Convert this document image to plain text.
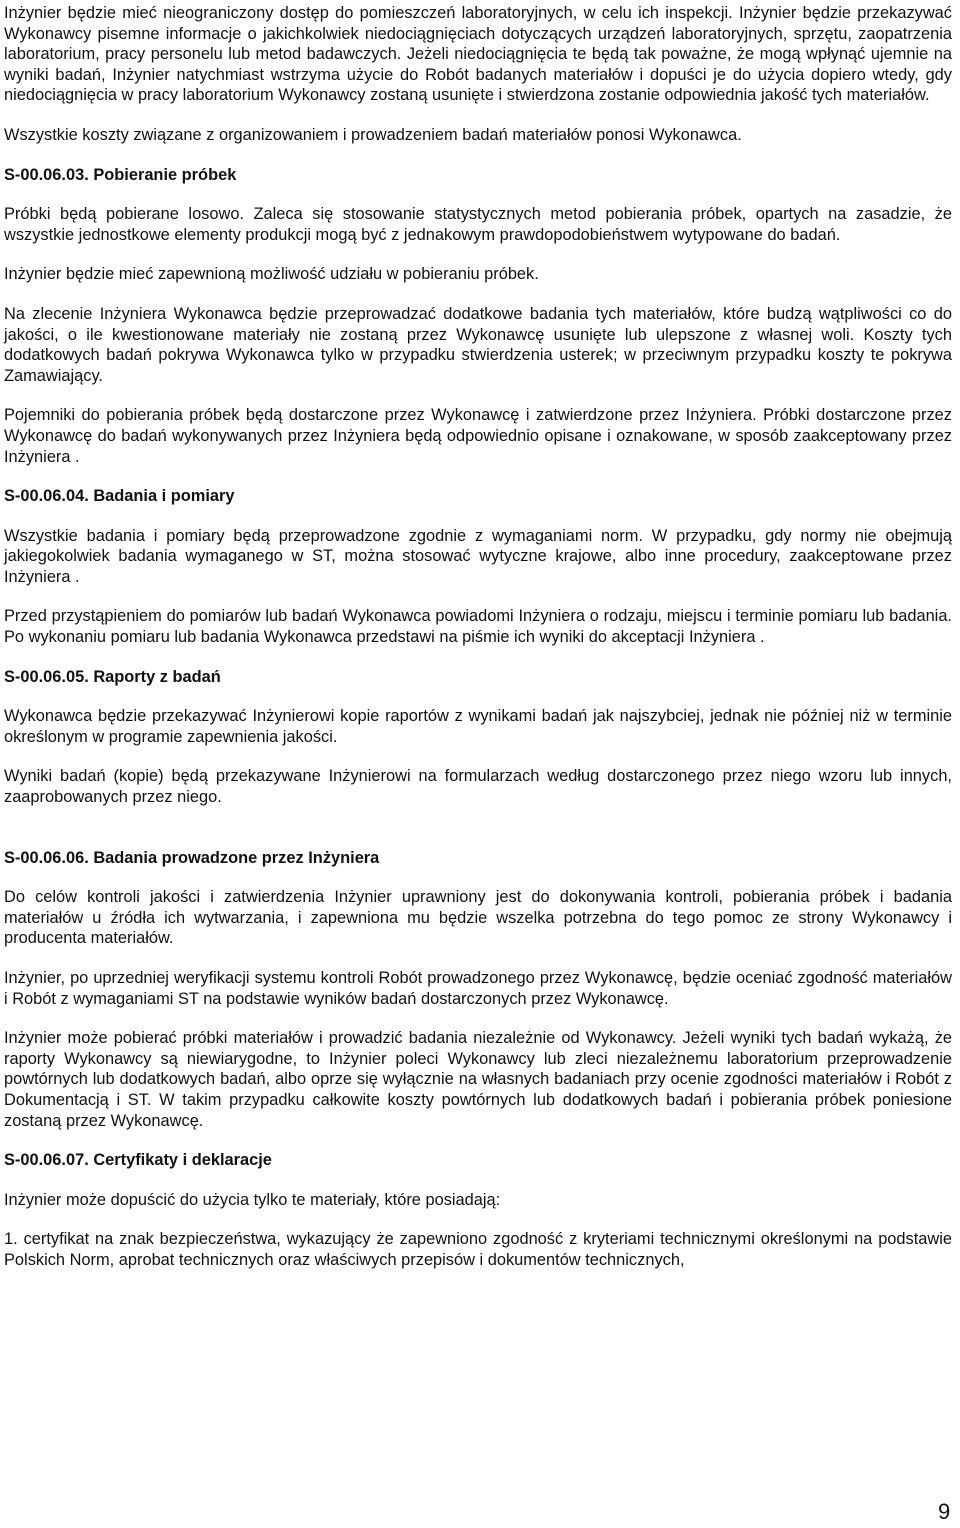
Inżynier będzie mieć nieograniczony dostęp do pomieszczeń laboratoryjnych, w celu ich inspekcji. Inżynier będzie przekazywać Wykonawcy pisemne informacje o jakichkolwiek niedociągnięciach dotyczących urządzeń laboratoryjnych, sprzętu, zaopatrzenia laboratorium, pracy personelu lub metod badawczych. Jeżeli niedociągnięcia te będą tak poważne, że mogą wpłynąć ujemnie na wyniki badań, Inżynier natychmiast wstrzyma użycie do Robót badanych materiałów i dopuści je do użycia dopiero wtedy, gdy niedociągnięcia w pracy laboratorium Wykonawcy zostaną usunięte i stwierdzona zostanie odpowiednia jakość tych materiałów.

Wszystkie koszty związane z organizowaniem i prowadzeniem badań materiałów ponosi Wykonawca.

S-00.06.03. Pobieranie próbek

Próbki będą pobierane losowo. Zaleca się stosowanie statystycznych metod pobierania próbek, opartych na zasadzie, że wszystkie jednostkowe elementy produkcji mogą być z jednakowym prawdopodobieństwem wytypowane do badań.

Inżynier będzie mieć zapewnioną możliwość udziału w pobieraniu próbek.

Na zlecenie Inżyniera Wykonawca będzie przeprowadzać dodatkowe badania tych materiałów, które budzą wątpliwości co do jakości, o ile kwestionowane materiały nie zostaną przez Wykonawcę usunięte lub ulepszone z własnej woli. Koszty tych dodatkowych badań pokrywa Wykonawca tylko w przypadku stwierdzenia usterek; w przeciwnym przypadku koszty te pokrywa Zamawiający.

Pojemniki do pobierania próbek będą dostarczone przez Wykonawcę i zatwierdzone przez Inżyniera. Próbki dostarczone przez Wykonawcę do badań wykonywanych przez Inżyniera będą odpowiednio opisane i oznakowane, w sposób zaakceptowany przez Inżyniera .

S-00.06.04. Badania i pomiary

Wszystkie badania i pomiary będą przeprowadzone zgodnie z wymaganiami norm. W przypadku, gdy normy nie obejmują jakiegokolwiek badania wymaganego w ST, można stosować wytyczne krajowe, albo inne procedury, zaakceptowane przez Inżyniera .

Przed przystąpieniem do pomiarów lub badań Wykonawca powiadomi Inżyniera o rodzaju, miejscu i terminie pomiaru lub badania. Po wykonaniu pomiaru lub badania Wykonawca przedstawi na piśmie ich wyniki do akceptacji Inżyniera .

S-00.06.05. Raporty z badań

Wykonawca będzie przekazywać Inżynierowi kopie raportów z wynikami badań jak najszybciej, jednak nie później niż w terminie określonym w programie zapewnienia jakości.

Wyniki badań (kopie) będą przekazywane Inżynierowi na formularzach według dostarczonego przez niego wzoru lub innych, zaaprobowanych przez niego.

S-00.06.06. Badania prowadzone przez Inżyniera

Do celów kontroli jakości i zatwierdzenia Inżynier uprawniony jest do dokonywania kontroli, pobierania próbek i badania materiałów u źródła ich wytwarzania, i zapewniona mu będzie wszelka potrzebna do tego pomoc ze strony Wykonawcy i producenta materiałów.

Inżynier, po uprzedniej weryfikacji systemu kontroli Robót prowadzonego przez Wykonawcę, będzie oceniać zgodność materiałów i Robót z wymaganiami ST na podstawie wyników badań dostarczonych przez Wykonawcę.

Inżynier może pobierać próbki materiałów i prowadzić badania niezależnie od Wykonawcy. Jeżeli wyniki tych badań wykażą, że raporty Wykonawcy są niewiarygodne, to Inżynier poleci Wykonawcy lub zleci niezależnemu laboratorium przeprowadzenie powtórnych lub dodatkowych badań, albo oprze się wyłącznie na własnych badaniach przy ocenie zgodności materiałów i Robót z Dokumentacją i ST. W takim przypadku całkowite koszty powtórnych lub dodatkowych badań i pobierania próbek poniesione zostaną przez Wykonawcę.

S-00.06.07. Certyfikaty i deklaracje

Inżynier może dopuścić do użycia tylko te materiały, które posiadają:

1. certyfikat na znak bezpieczeństwa, wykazujący że zapewniono zgodność z kryteriami technicznymi określonymi na podstawie Polskich Norm, aprobat technicznych oraz właściwych przepisów i dokumentów technicznych,

9
